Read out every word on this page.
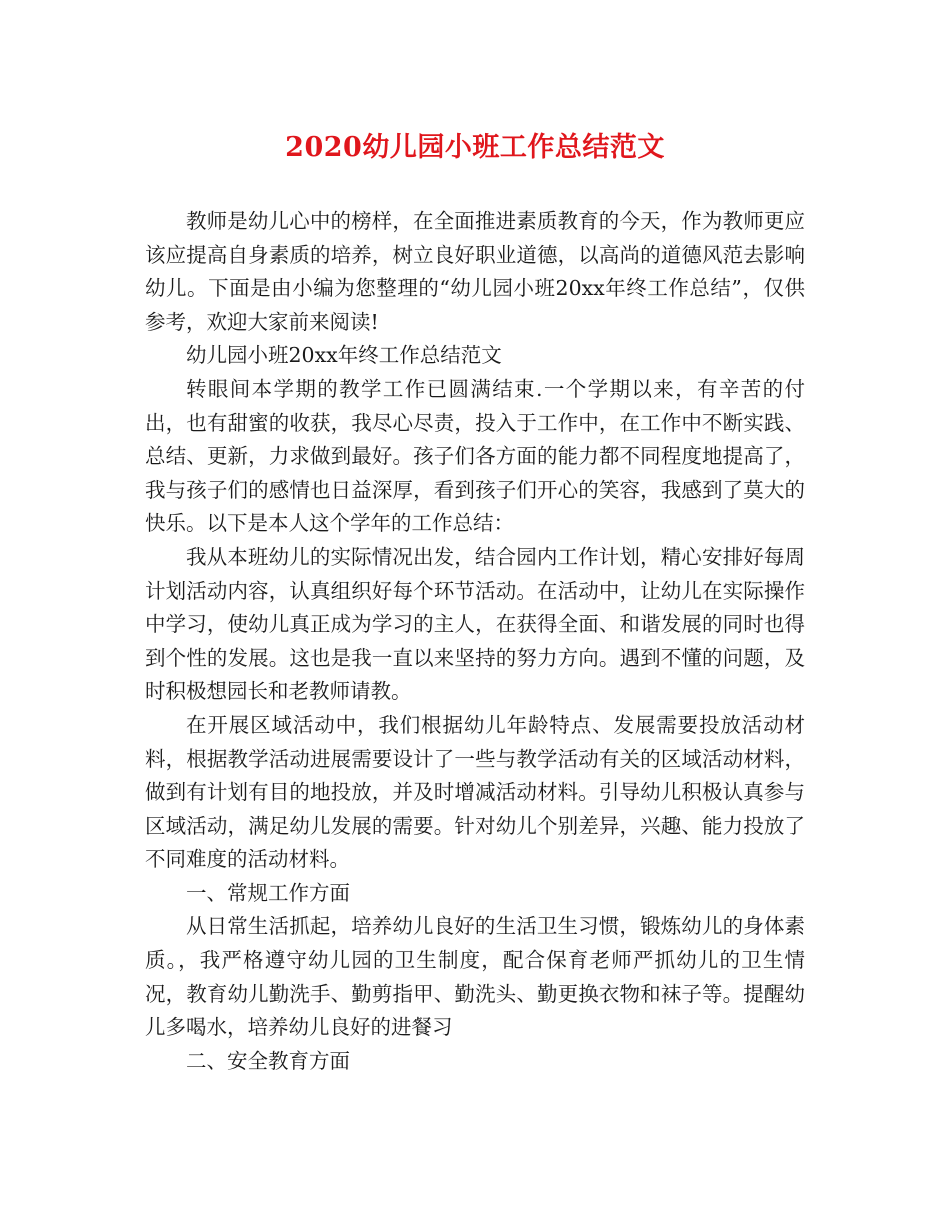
2020幼儿园小班工作总结范文

教师是幼儿心中的榜样，在全面推进素质教育的今天，作为教师更应该应提高自身素质的培养，树立良好职业道德，以高尚的道德风范去影响幼儿。下面是由小编为您整理的“幼儿园小班20xx年终工作总结”，仅供参考，欢迎大家前来阅读!

幼儿园小班20xx年终工作总结范文

转眼间本学期的教学工作已圆满结束.一个学期以来，有辛苦的付出，也有甜蜜的收获，我尽心尽责，投入于工作中，在工作中不断实践、总结、更新，力求做到最好。孩子们各方面的能力都不同程度地提高了，我与孩子们的感情也日益深厚，看到孩子们开心的笑容，我感到了莫大的快乐。以下是本人这个学年的工作总结：

我从本班幼儿的实际情况出发，结合园内工作计划，精心安排好每周计划活动内容，认真组织好每个环节活动。在活动中，让幼儿在实际操作中学习，使幼儿真正成为学习的主人，在获得全面、和谐发展的同时也得到个性的发展。这也是我一直以来坚持的努力方向。遇到不懂的问题，及时积极想园长和老教师请教。

在开展区域活动中，我们根据幼儿年龄特点、发展需要投放活动材料，根据教学活动进展需要设计了一些与教学活动有关的区域活动材料，做到有计划有目的地投放，并及时增减活动材料。引导幼儿积极认真参与区域活动，满足幼儿发展的需要。针对幼儿个别差异，兴趣、能力投放了不同难度的活动材料。

一、常规工作方面

从日常生活抓起，培养幼儿良好的生活卫生习惯，锻炼幼儿的身体素质。，我严格遵守幼儿园的卫生制度，配合保育老师严抓幼儿的卫生情况，教育幼儿勤洗手、勤剪指甲、勤洗头、勤更换衣物和袜子等。提醒幼儿多喝水，培养幼儿良好的进餐习

二、安全教育方面
